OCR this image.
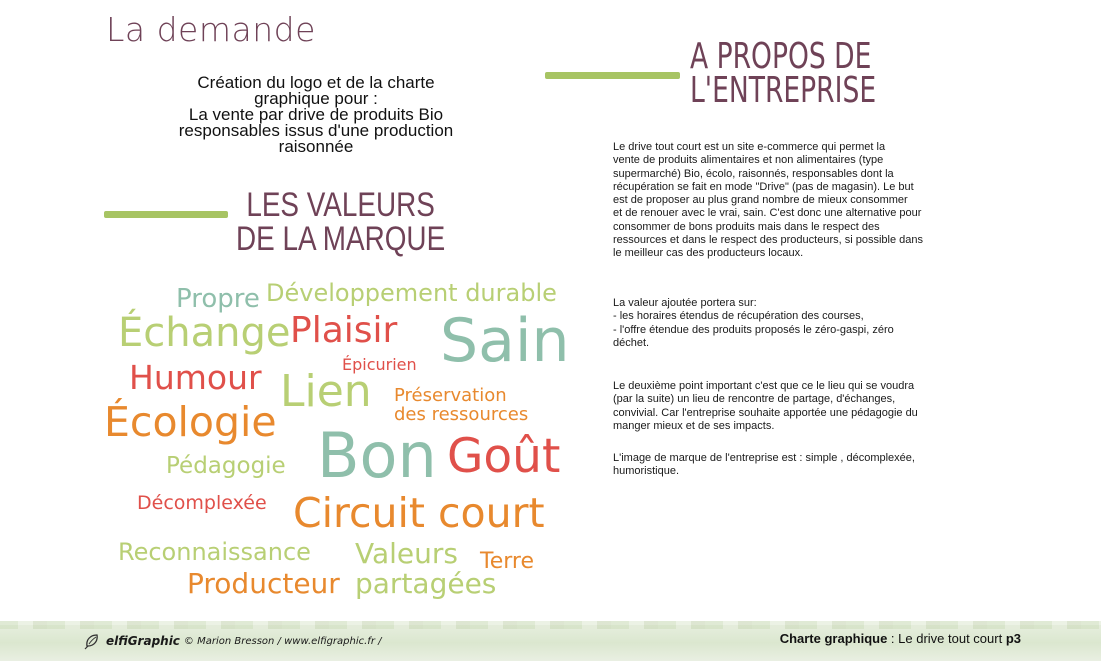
La demande
Création du logo et de la charte
graphique pour :
La vente par drive de produits Bio
responsables issus d'une production
raisonnée
A PROPOS DE
L'ENTREPRISE
LES VALEURS
DE LA MARQUE
Le drive tout court est un site e-commerce qui permet la
vente de produits alimentaires et non alimentaires (type
supermarché) Bio, écolo, raisonnés, responsables dont la
récupération se fait en mode "Drive" (pas de magasin). Le but
est de proposer au plus grand nombre de mieux consommer
et de renouer avec le vrai, sain. C'est donc une alternative pour
consommer de bons produits mais dans le respect des
ressources et dans le respect des producteurs, si possible dans
le meilleur cas des producteurs locaux.
La valeur ajoutée portera sur:
- les horaires étendus de récupération des courses,
- l'offre étendue des produits proposés le zéro-gaspi, zéro
déchet.
Le deuxième point important c'est que ce le lieu qui se voudra
(par la suite) un lieu de rencontre de partage, d'échanges,
convivial. Car l'entreprise souhaite apportée une pédagogie du
manger mieux et de ses impacts.
L'image de marque de l'entreprise est : simple , décomplexée,
humoristique.
Propre Développement durable
Échange Plaisir Sain
Épicurien
Humour Lien Préservation
des ressources
Écologie Bon Goût
Pédagogie
Décomplexée Circuit court
Reconnaissance Valeurs Terre
Producteur partagées
elfiGraphic © Marion Bresson / www.elfigraphic.fr /	Charte graphique : Le drive tout court p3
